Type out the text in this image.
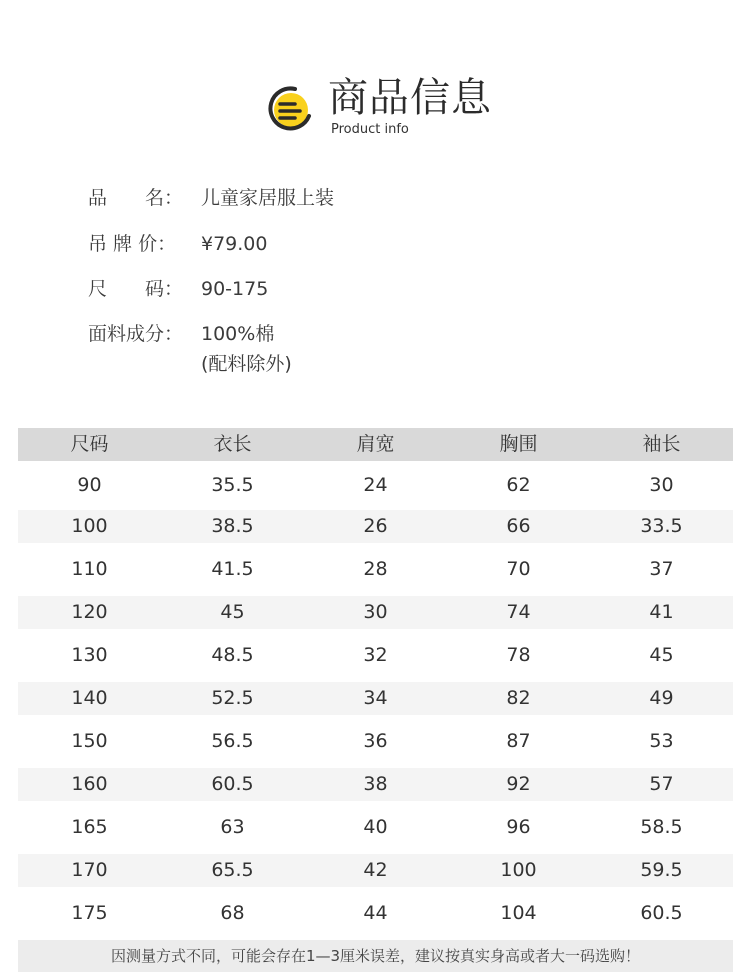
商品信息
Product info
品　　名： 儿童家居服上装
吊 牌 价：	¥79.00
尺　　码： 90-175
面料成分： 100%棉
(配料除外)
尺码	衣长	肩宽	胸围	袖长
90	35.5	24	62	30
100	38.5	26	66	33.5
110	41.5	28	70	37
120	45	30	74	41
130	48.5	32	78	45
140	52.5	34	82	49
150	56.5	36	87	53
160	60.5	38	92	57
165	63	40	96	58.5
170	65.5	42	100	59.5
175	68	44	104	60.5
因测量方式不同，可能会存在1—3厘米误差，建议按真实身高或者大一码选购！
